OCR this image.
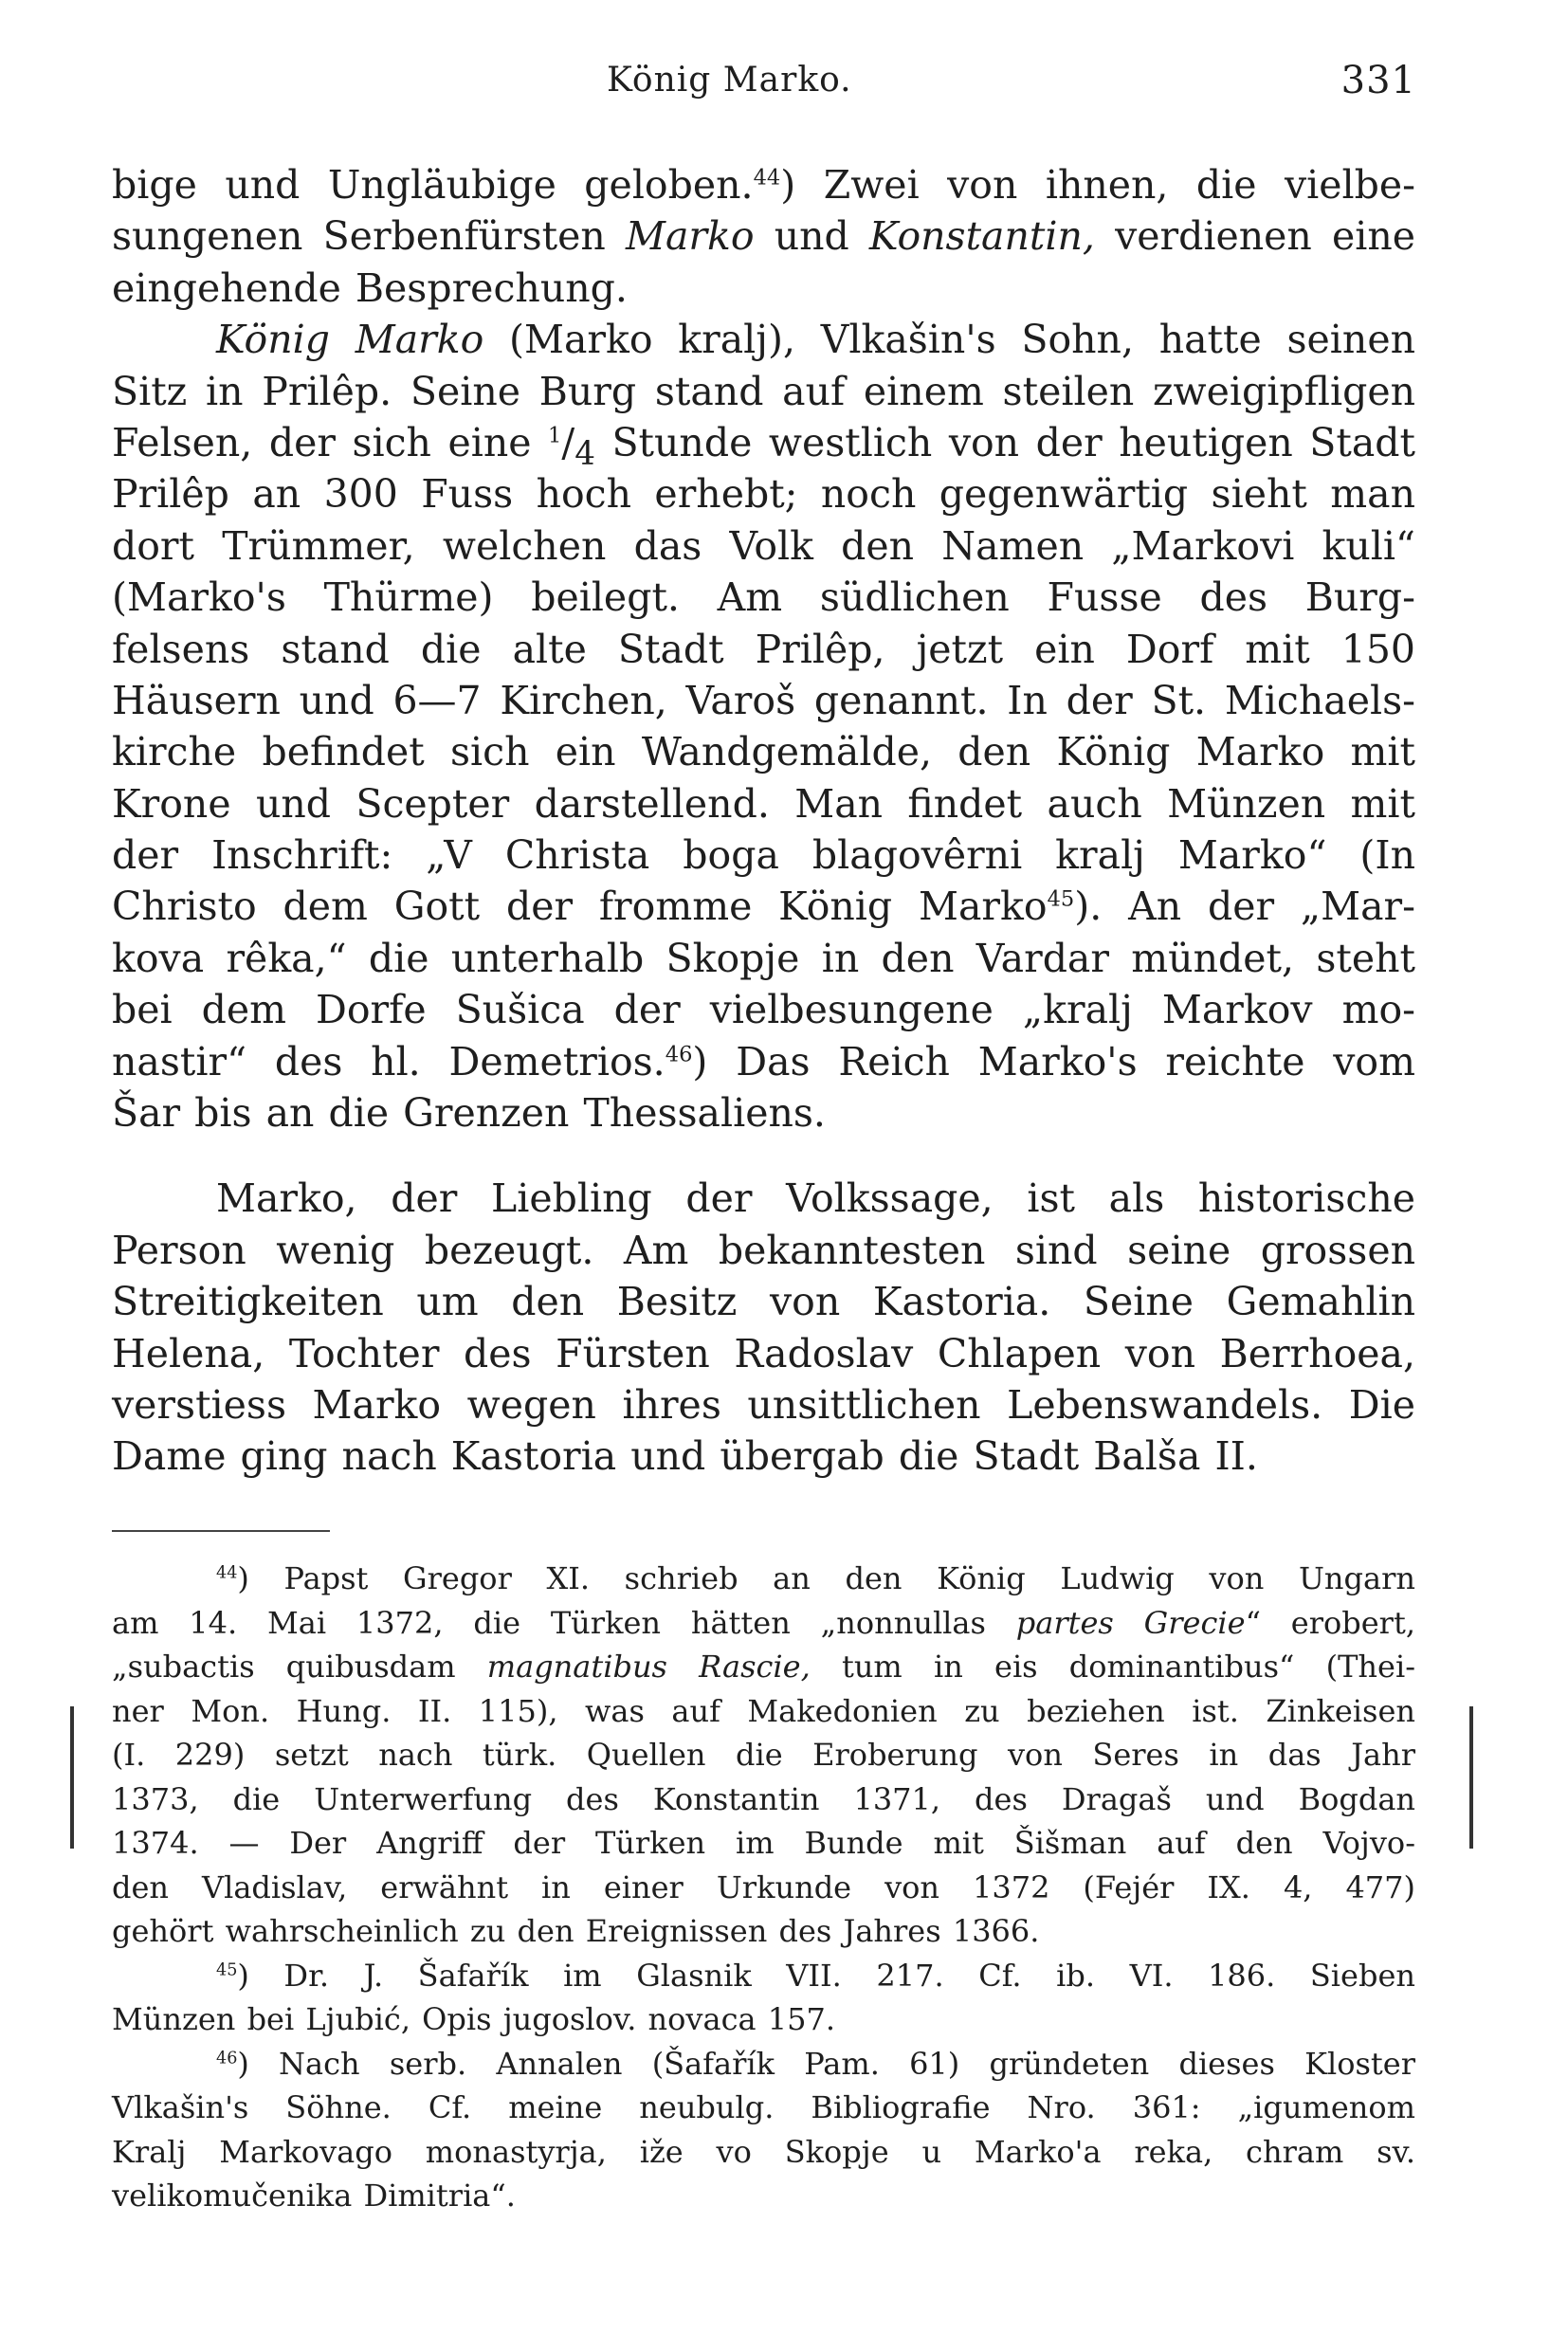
König Marko.	331
bige und Ungläubige geloben.$^{44}$) Zwei von ihnen, die vielbe-
sungenen Serbenfürsten Marko und Konstantin, verdienen eine
eingehende Besprechung.
König Marko (Marko kralj), Vlkašin's Sohn, hatte seinen
Sitz in Prilêp. Seine Burg stand auf einem steilen zweigipfligen
Felsen, der sich eine $^1/_4$ Stunde westlich von der heutigen Stadt
Prilêp an 300 Fuss hoch erhebt; noch gegenwärtig sieht man
dort Trümmer, welchen das Volk den Namen „Markovi kuli“
(Marko's Thürme) beilegt. Am südlichen Fusse des Burg-
felsens stand die alte Stadt Prilêp, jetzt ein Dorf mit 150
Häusern und 6—7 Kirchen, Varoš genannt. In der St. Michaels-
kirche befindet sich ein Wandgemälde, den König Marko mit
Krone und Scepter darstellend. Man findet auch Münzen mit
der Inschrift: „V Christa boga blagovêrni kralj Marko“ (In
Christo dem Gott der fromme König Marko$^{45}$). An der „Mar-
kova rêka,“ die unterhalb Skopje in den Vardar mündet, steht
bei dem Dorfe Sušica der vielbesungene „kralj Markov mo-
nastir“ des hl. Demetrios.$^{46}$) Das Reich Marko's reichte vom
Šar bis an die Grenzen Thessaliens.
Marko, der Liebling der Volkssage, ist als historische
Person wenig bezeugt. Am bekanntesten sind seine grossen
Streitigkeiten um den Besitz von Kastoria. Seine Gemahlin
Helena, Tochter des Fürsten Radoslav Chlapen von Berrhoea,
verstiess Marko wegen ihres unsittlichen Lebenswandels. Die
Dame ging nach Kastoria und übergab die Stadt Balša II.
$^{44}$) Papst Gregor XI. schrieb an den König Ludwig von Ungarn
am 14. Mai 1372, die Türken hätten „nonnullas partes Grecie“ erobert,
„subactis quibusdam magnatibus Rascie, tum in eis dominantibus“ (Thei-
ner Mon. Hung. II. 115), was auf Makedonien zu beziehen ist. Zinkeisen
(I. 229) setzt nach türk. Quellen die Eroberung von Seres in das Jahr
1373, die Unterwerfung des Konstantin 1371, des Dragaš und Bogdan
1374. — Der Angriff der Türken im Bunde mit Šišman auf den Vojvo-
den Vladislav, erwähnt in einer Urkunde von 1372 (Fejér IX. 4, 477)
gehört wahrscheinlich zu den Ereignissen des Jahres 1366.
$^{45}$) Dr. J. Šafařík im Glasnik VII. 217. Cf. ib. VI. 186. Sieben
Münzen bei Ljubić, Opis jugoslov. novaca 157.
$^{46}$) Nach serb. Annalen (Šafařík Pam. 61) gründeten dieses Kloster
Vlkašin's Söhne. Cf. meine neubulg. Bibliografie Nro. 361: „igumenom
Kralj Markovago monastyrja, iže vo Skopje u Marko'a reka, chram sv.
velikomučenika Dimitria“.
